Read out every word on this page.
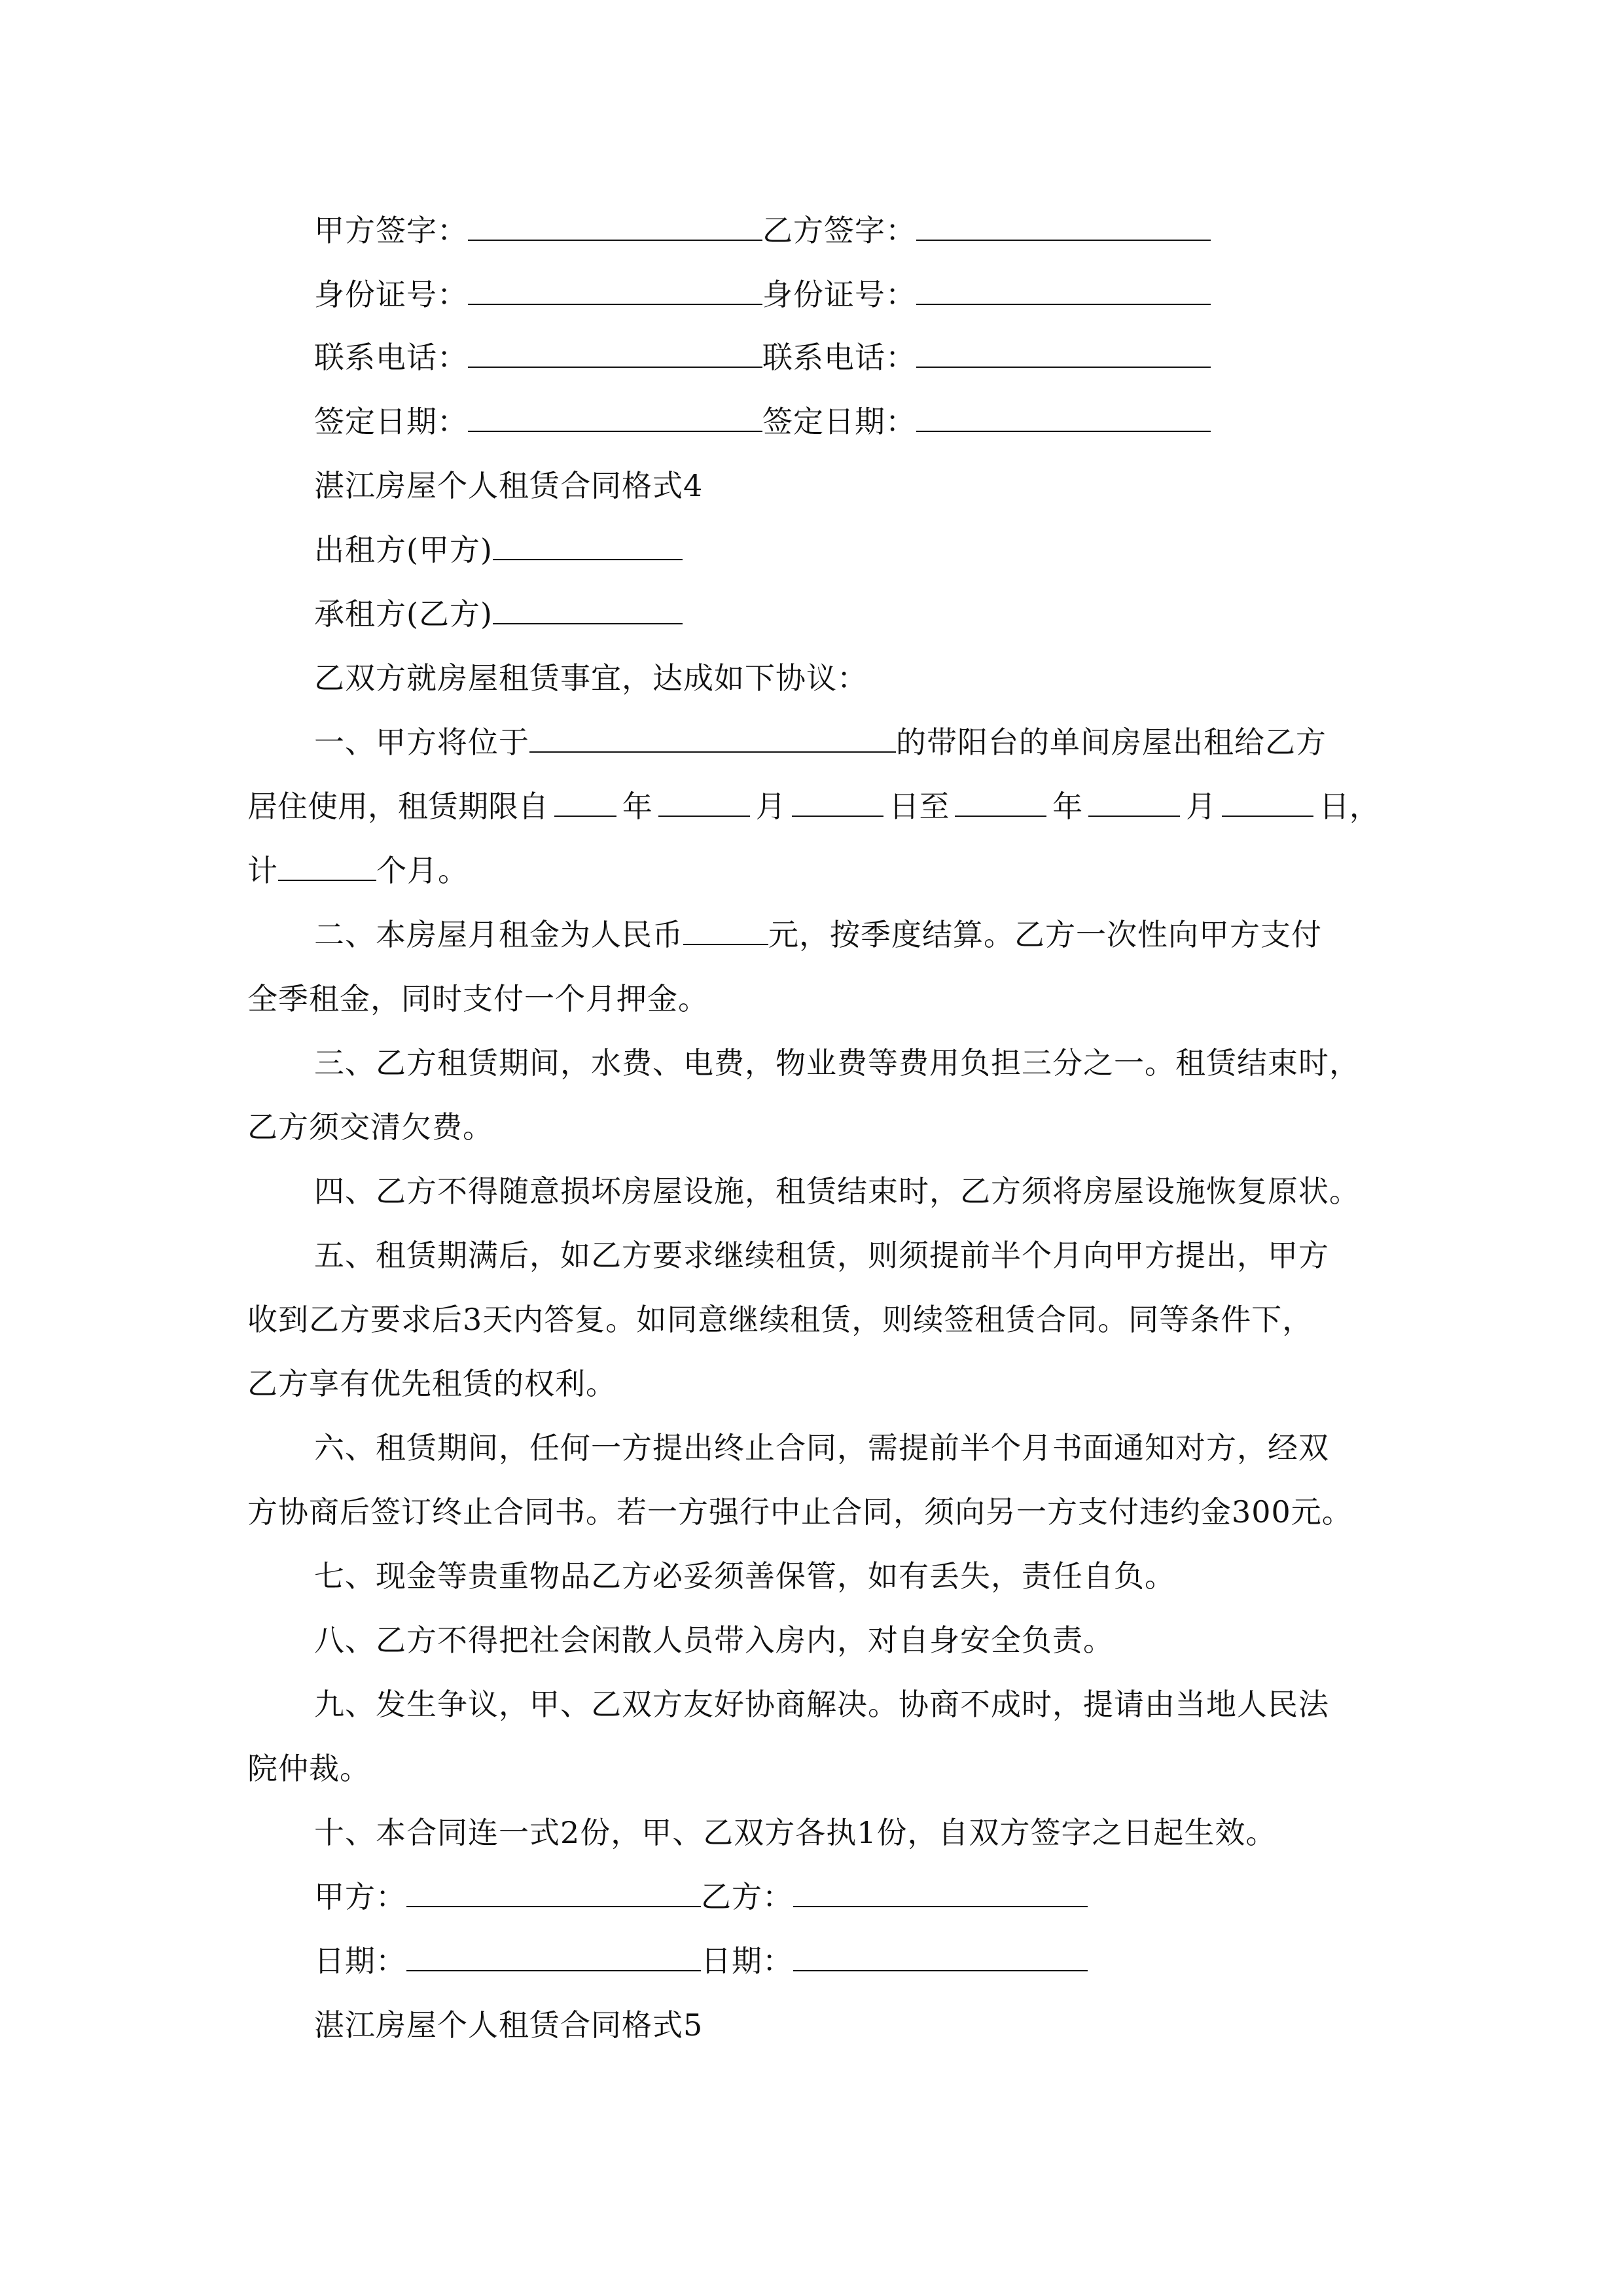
甲方签字：	乙方签字：
身份证号：	身份证号：
联系电话：	联系电话：
签定日期：	签定日期：
湛江房屋个人租赁合同格式4
出租方(甲方)
承租方(乙方)
乙双方就房屋租赁事宜，达成如下协议：
一、甲方将位于	的带阳台的单间房屋出租给乙方
居住使用，租赁期限自 年	月	日至	年	月	日，
计	个月。
二、本房屋月租金为人民币	元，按季度结算。乙方一次性向甲方支付
全季租金，同时支付一个月押金。
三、乙方租赁期间，水费、电费，物业费等费用负担三分之一。租赁结束时，
乙方须交清欠费。
四、乙方不得随意损坏房屋设施，租赁结束时，乙方须将房屋设施恢复原状。
五、租赁期满后，如乙方要求继续租赁，则须提前半个月向甲方提出，甲方
收到乙方要求后3天内答复。如同意继续租赁，则续签租赁合同。同等条件下，
乙方享有优先租赁的权利。
六、租赁期间，任何一方提出终止合同，需提前半个月书面通知对方，经双
方协商后签订终止合同书。若一方强行中止合同，须向另一方支付违约金300元。
七、现金等贵重物品乙方必妥须善保管，如有丢失，责任自负。
八、乙方不得把社会闲散人员带入房内，对自身安全负责。
九、发生争议，甲、乙双方友好协商解决。协商不成时，提请由当地人民法
院仲裁。
十、本合同连一式2份，甲、乙双方各执1份，自双方签字之日起生效。
甲方：	乙方：
日期：	日期：
湛江房屋个人租赁合同格式5
